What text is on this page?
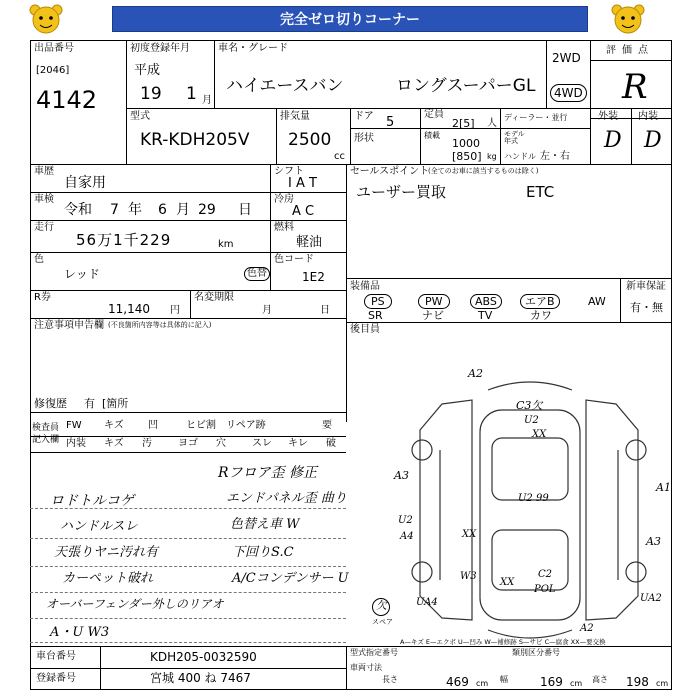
完全ゼロ切りコーナー
出品番号
[2046]
4142
初度登録年月
平成
19 1 月
車名・グレード
ハイエースバン	ロングスーパーGL
2WD
4WD
評価点
R
外装 内装
D D
型式
KR-KDH205V
排気量
2500
cc
ドア 5
定員
2[5] 人
ディーラー・並行
形状	積載
1000
[850] kg
モデル 年式
ハンドル 左・右
車歴
自家用
シフト
I A T
車検
令和 7 年 6 月 29 日
冷房
A C
走行
56万1千229	km
燃料
軽油
色
レッド	色替
色コード
1E2
R券
11,140 円
名変期限
月	日
注意事項申告欄 (不良箇所内容等は具体的に記入)
修復歴 有 [箇所
セールスポイント
(全てのお車に該当するものは除く)
ユーザー買取	ETC
装備品
PS	PW	ABS	エアB	AW
SR	ナビ	TV	カワ
新車保証
有・無
後目員
検査員
記入欄
FW キズ 凹	ヒビ割 リペア跡	要
内装 キズ 汚	ヨゴ 穴	スレ キレ 破
Rフロア歪 修正
エンドパネル歪 曲り
色替え車 W
ロドトルコゲ
ハンドルスレ
天張りヤニ汚れ有
カーペット破れ
オーバーフェンダー外しのリアオ
A・U W3
下回りS.C
A/Cコンデンサー U
A2
C3欠
U2
XX
U2 99
A3
A1
U2
A4	XX
A3
W3
XX
C2
POL
UA4	UA2
A2
欠
スペア
A—キズ E—エクボ U—凹み W—補修跡 S—サビ C—腐食 XX—要交換
車台番号	KDH205-0032590
登録番号	宮城 400 ね 7467
型式指定番号	類別区分番号
車両寸法
長さ	469 cm 幅	169 cm 高さ 198 cm
